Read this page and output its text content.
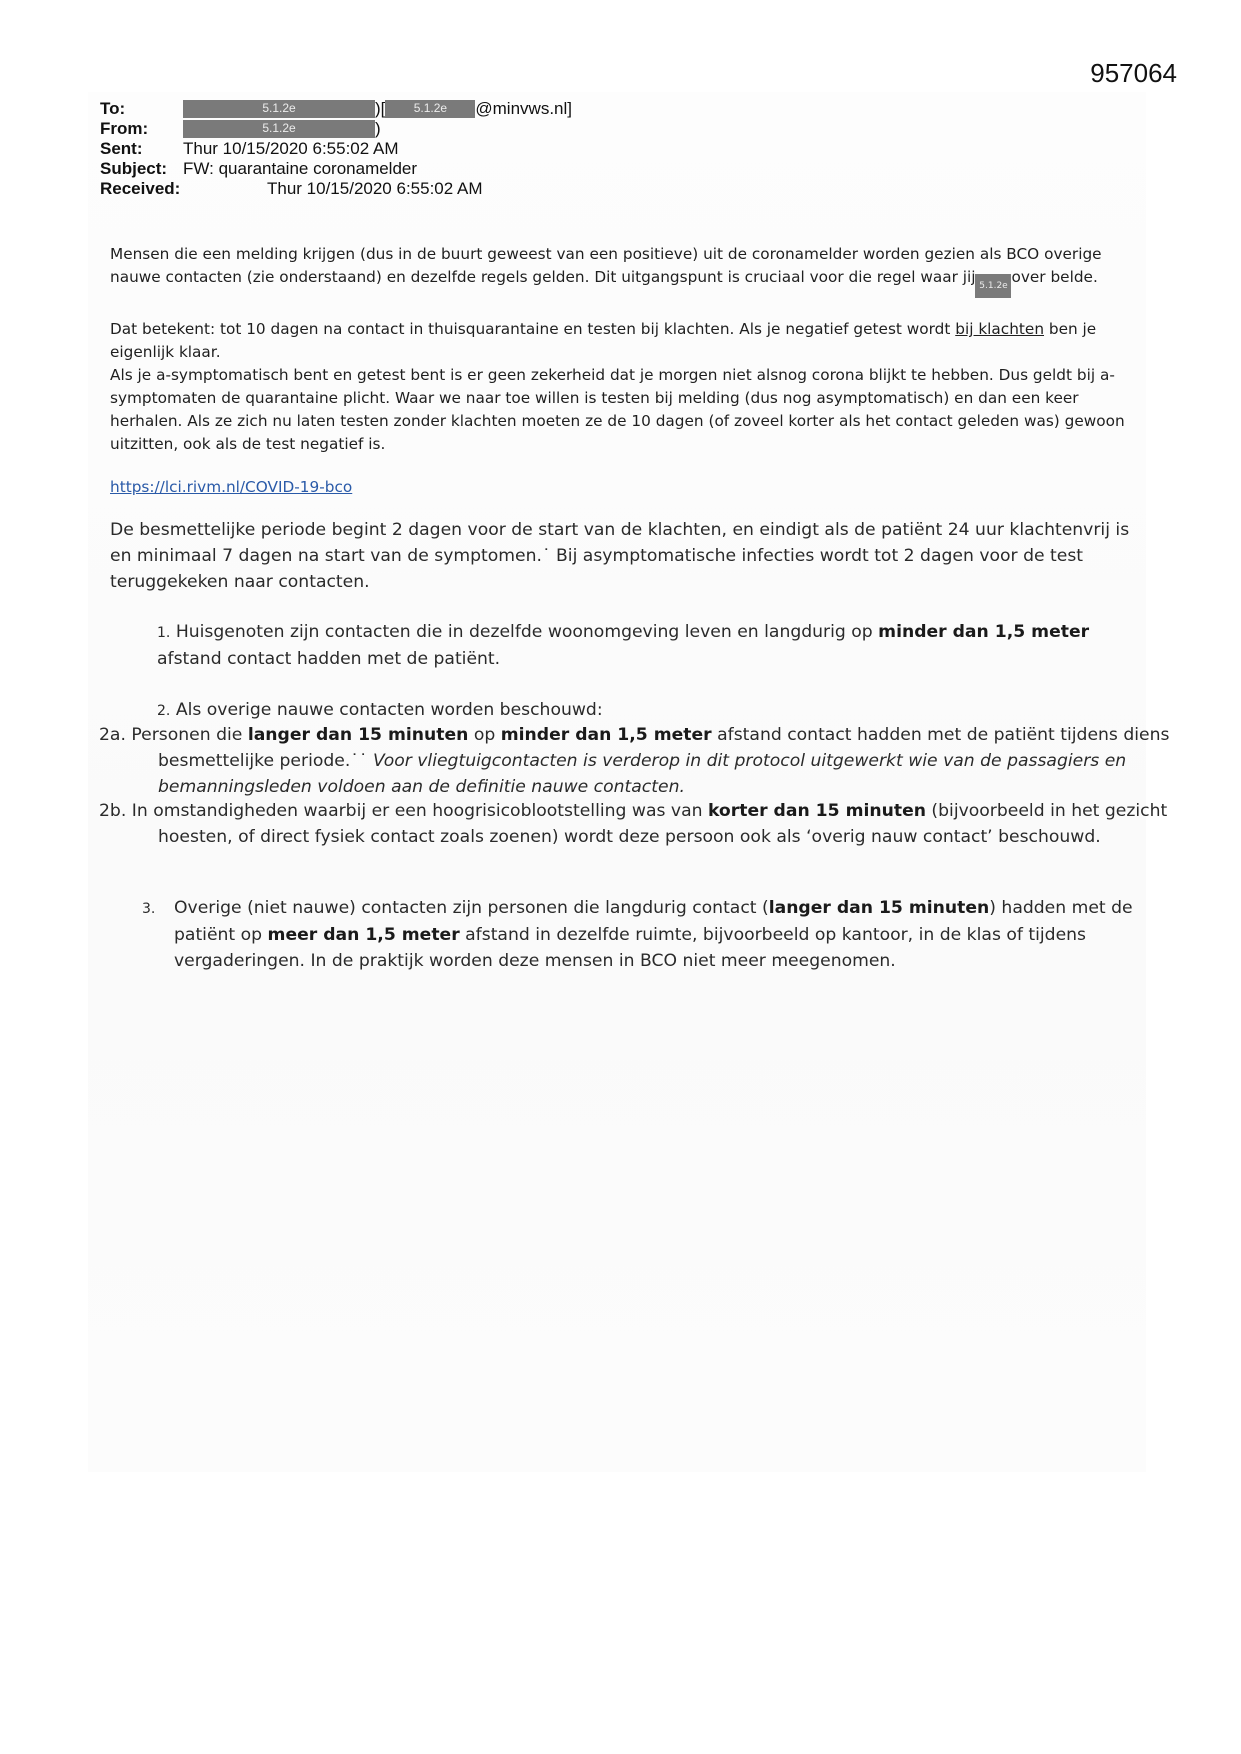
957064
To:	5.1.2e	)[ 5.1.2e @minvws.nl]
From:	5.1.2e	)
Sent: Thur 10/15/2020 6:55:02 AM
Subject: FW: quarantaine coronamelder
Received:	Thur 10/15/2020 6:55:02 AM

Mensen die een melding krijgen (dus in de buurt geweest van een positieve) uit de coronamelder worden gezien als BCO overige nauwe contacten (zie onderstaand) en dezelfde regels gelden. Dit uitgangspunt is cruciaal voor die regel waar jij 5.1.2e over belde.

Dat betekent: tot 10 dagen na contact in thuisquarantaine en testen bij klachten. Als je negatief getest wordt bij klachten ben je eigenlijk klaar.

Als je a-symptomatisch bent en getest bent is er geen zekerheid dat je morgen niet alsnog corona blijkt te hebben. Dus geldt bij a-symptomaten de quarantaine plicht. Waar we naar toe willen is testen bij melding (dus nog asymptomatisch) en dan een keer herhalen. Als ze zich nu laten testen zonder klachten moeten ze de 10 dagen (of zoveel korter als het contact geleden was) gewoon uitzitten, ook als de test negatief is.

https://lci.rivm.nl/COVID-19-bco

De besmettelijke periode begint 2 dagen voor de start van de klachten, en eindigt als de patiënt 24 uur klachtenvrij is en minimaal 7 dagen na start van de symptomen.˙ Bij asymptomatische infecties wordt tot 2 dagen voor de test teruggekeken naar contacten.

1. Huisgenoten zijn contacten die in dezelfde woonomgeving leven en langdurig op minder dan 1,5 meter afstand contact hadden met de patiënt.
2. Als overige nauwe contacten worden beschouwd:
2a. Personen die langer dan 15 minuten op minder dan 1,5 meter afstand contact hadden met de patiënt tijdens diens besmettelijke periode.˙˙ Voor vliegtuigcontacten is verderop in dit protocol uitgewerkt wie van de passagiers en bemanningsleden voldoen aan de definitie nauwe contacten.
2b. In omstandigheden waarbij er een hoogrisicoblootstelling was van korter dan 15 minuten (bijvoorbeeld in het gezicht hoesten, of direct fysiek contact zoals zoenen) wordt deze persoon ook als ‘overig nauw contact’ beschouwd.
3. Overige (niet nauwe) contacten zijn personen die langdurig contact (langer dan 15 minuten) hadden met de patiënt op meer dan 1,5 meter afstand in dezelfde ruimte, bijvoorbeeld op kantoor, in de klas of tijdens vergaderingen. In de praktijk worden deze mensen in BCO niet meer meegenomen.
